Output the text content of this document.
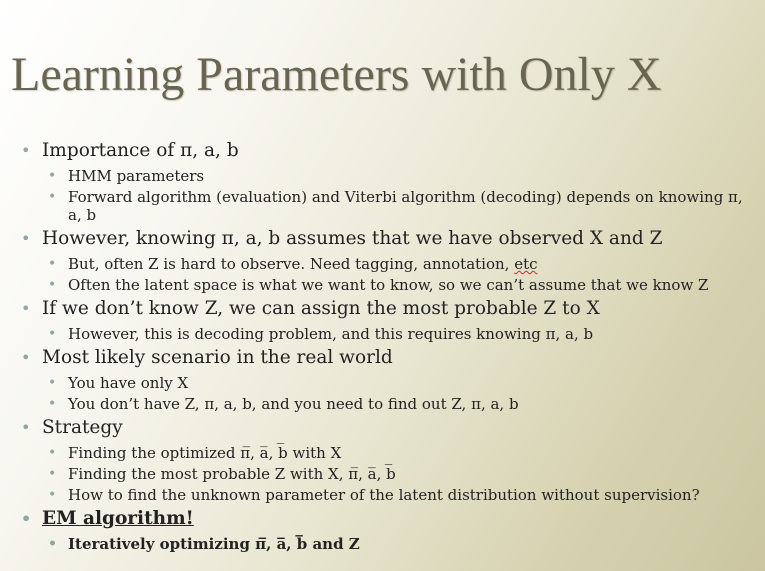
Learning Parameters with Only X
• Importance of π, a, b
• HMM parameters
• Forward algorithm (evaluation) and Viterbi algorithm (decoding) depends on knowing π, a, b
• However, knowing π, a, b assumes that we have observed X and Z
• But, often Z is hard to observe. Need tagging, annotation, etc
• Often the latent space is what we want to know, so we can’t assume that we know Z
• If we don’t know Z, we can assign the most probable Z to X
• However, this is decoding problem, and this requires knowing π, a, b
• Most likely scenario in the real world
• You have only X
• You don’t have Z, π, a, b, and you need to find out Z, π, a, b
• Strategy
• Finding the optimized π̅, a̅, b̅ with X
• Finding the most probable Z with X, π̅, a̅, b̅
• How to find the unknown parameter of the latent distribution without supervision?
• EM algorithm!
• Iteratively optimizing π̅, a̅, b̅ and Z
